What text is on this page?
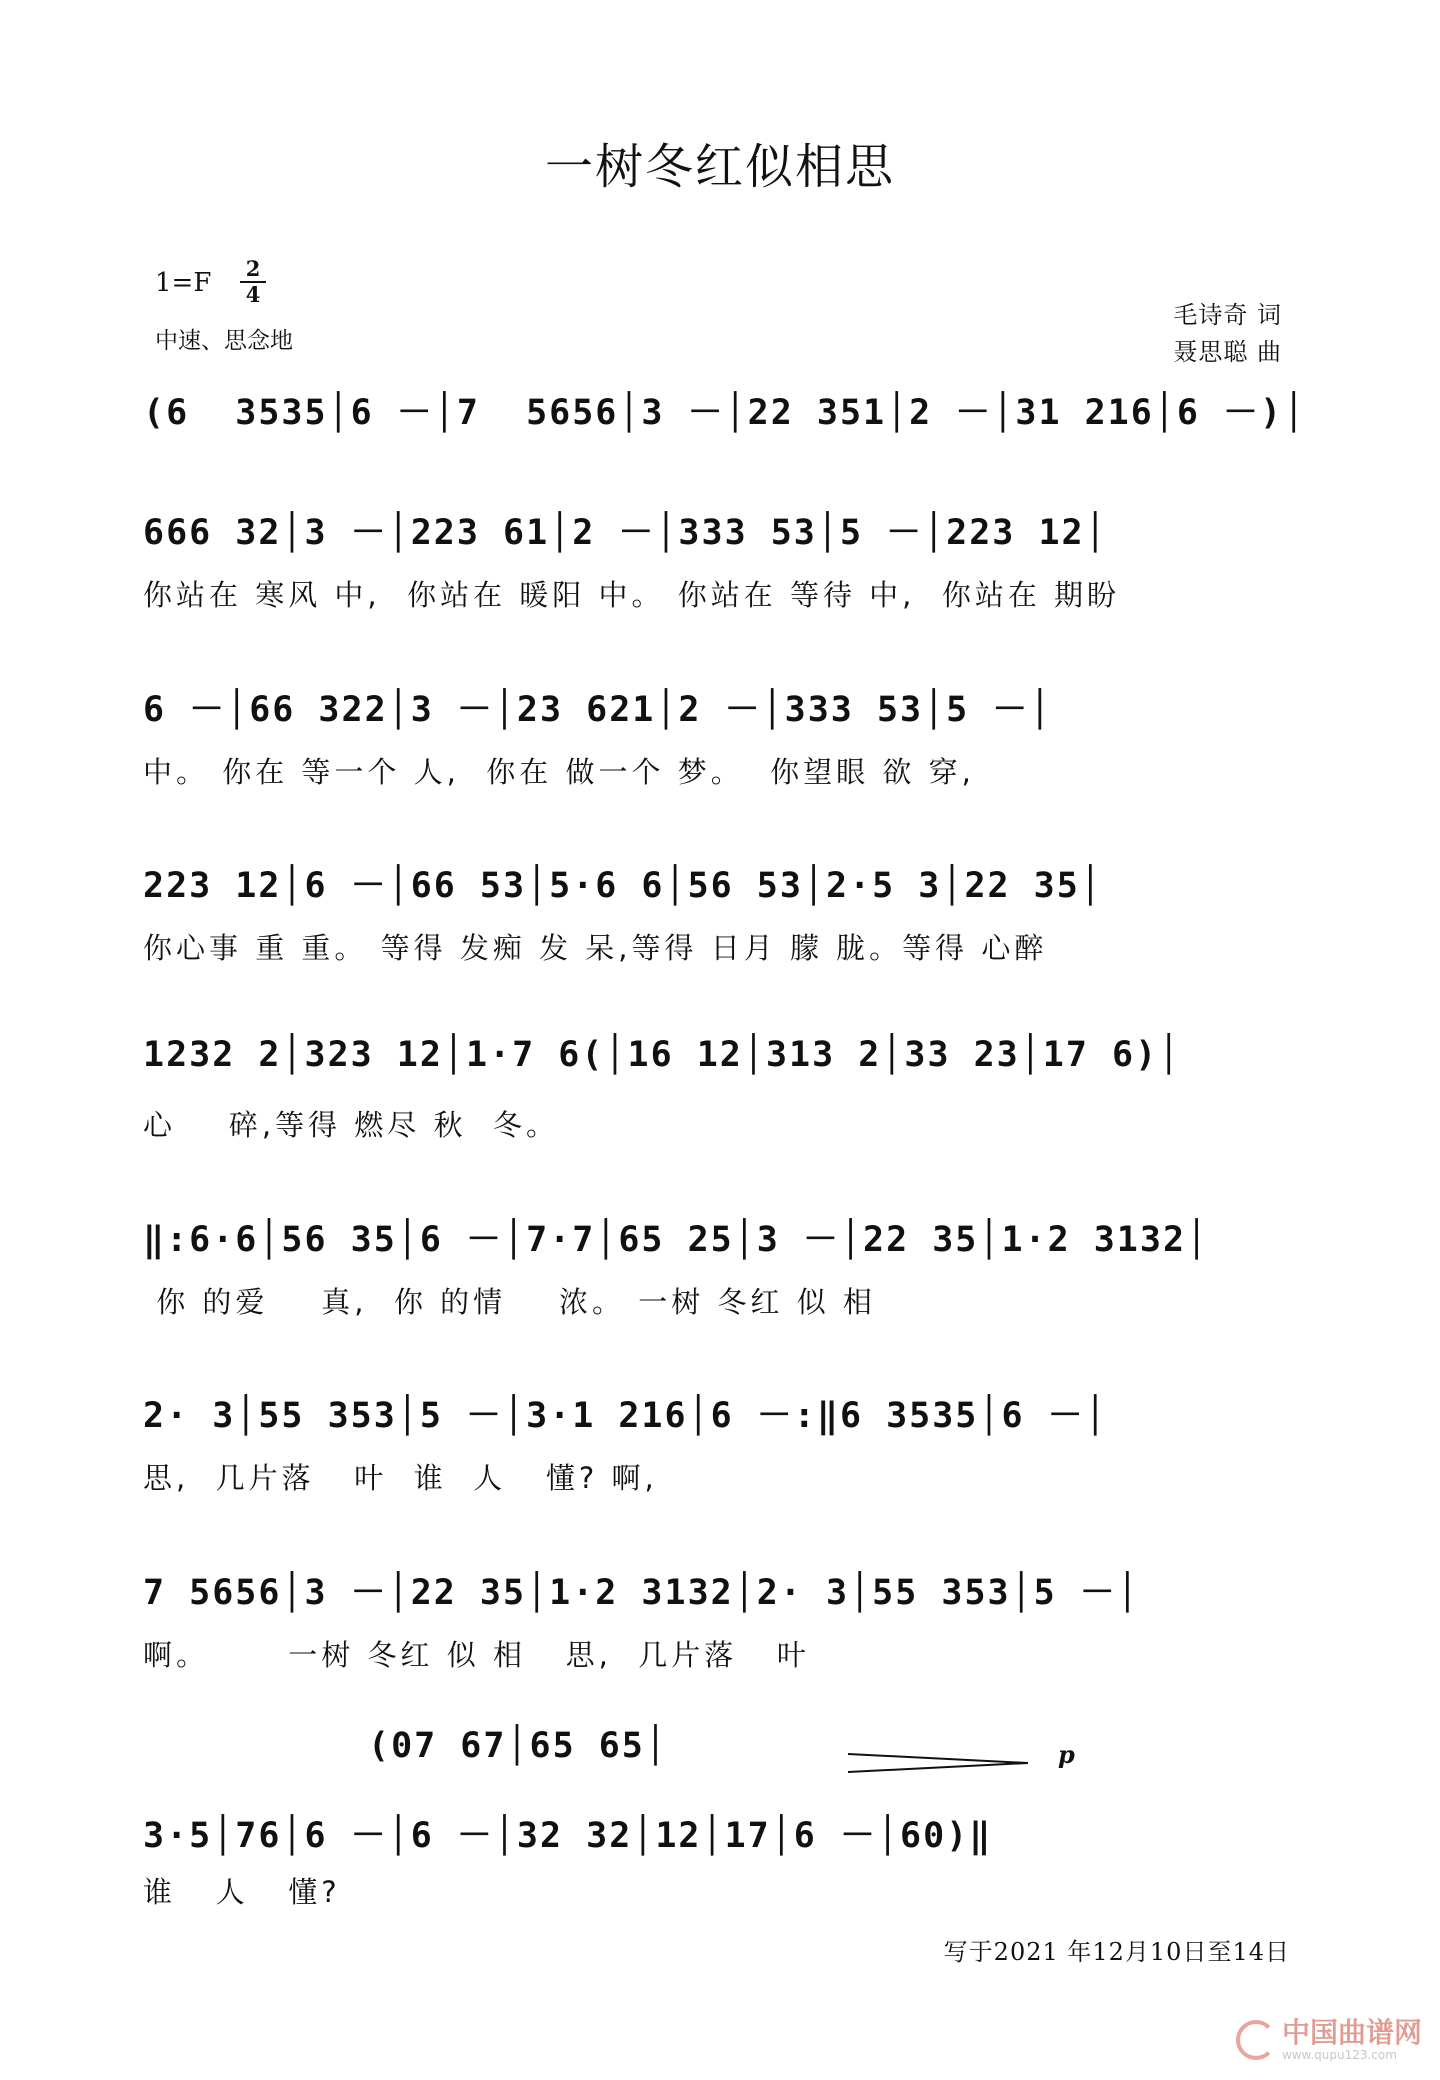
一树冬红似相思
1=F 2
4
中速、思念地
毛诗奇 词
聂思聪 曲
(6  3535│6 －│7  5656│3 －│22 351│2 －│31 216│6 －)│
666 32│3 －│223 61│2 －│333 53│5 －│223 12│
你站在 寒风 中,  你站在 暖阳 中。 你站在 等待 中,  你站在 期盼
6 －│66 322│3 －│23 621│2 －│333 53│5 －│
中。 你在 等一个 人,  你在 做一个 梦。  你望眼 欲 穿,
223 12│6 －│66 53│5·6 6│56 53│2·5 3│22 35│
你心事 重 重。 等得 发痴 发 呆,等得 日月 朦 胧。等得 心醉
1232 2│323 12│1·7 6(│16 12│313 2│33 23│17 6)│
心    碎,等得 燃尽 秋  冬。
‖:6·6│56 35│6 －│7·7│65 25│3 －│22 35│1·2 3132│
你 的爱    真,  你 的情    浓。 一树 冬红 似 相
2· 3│55 353│5 －│3·1 216│6 －:‖6 3535│6 －│
思,  几片落   叶  谁  人   懂? 啊,
7 5656│3 －│22 35│1·2 3132│2· 3│55 353│5 －│
啊。      一树 冬红 似 相   思,  几片落   叶
(07 67│65 65│	p
3·5│76│6 －│6 －│32 32│12│17│6 －│60)‖
谁   人   懂?
写于2021 年12月10日至14日
中国曲谱网
www.qupu123.com
